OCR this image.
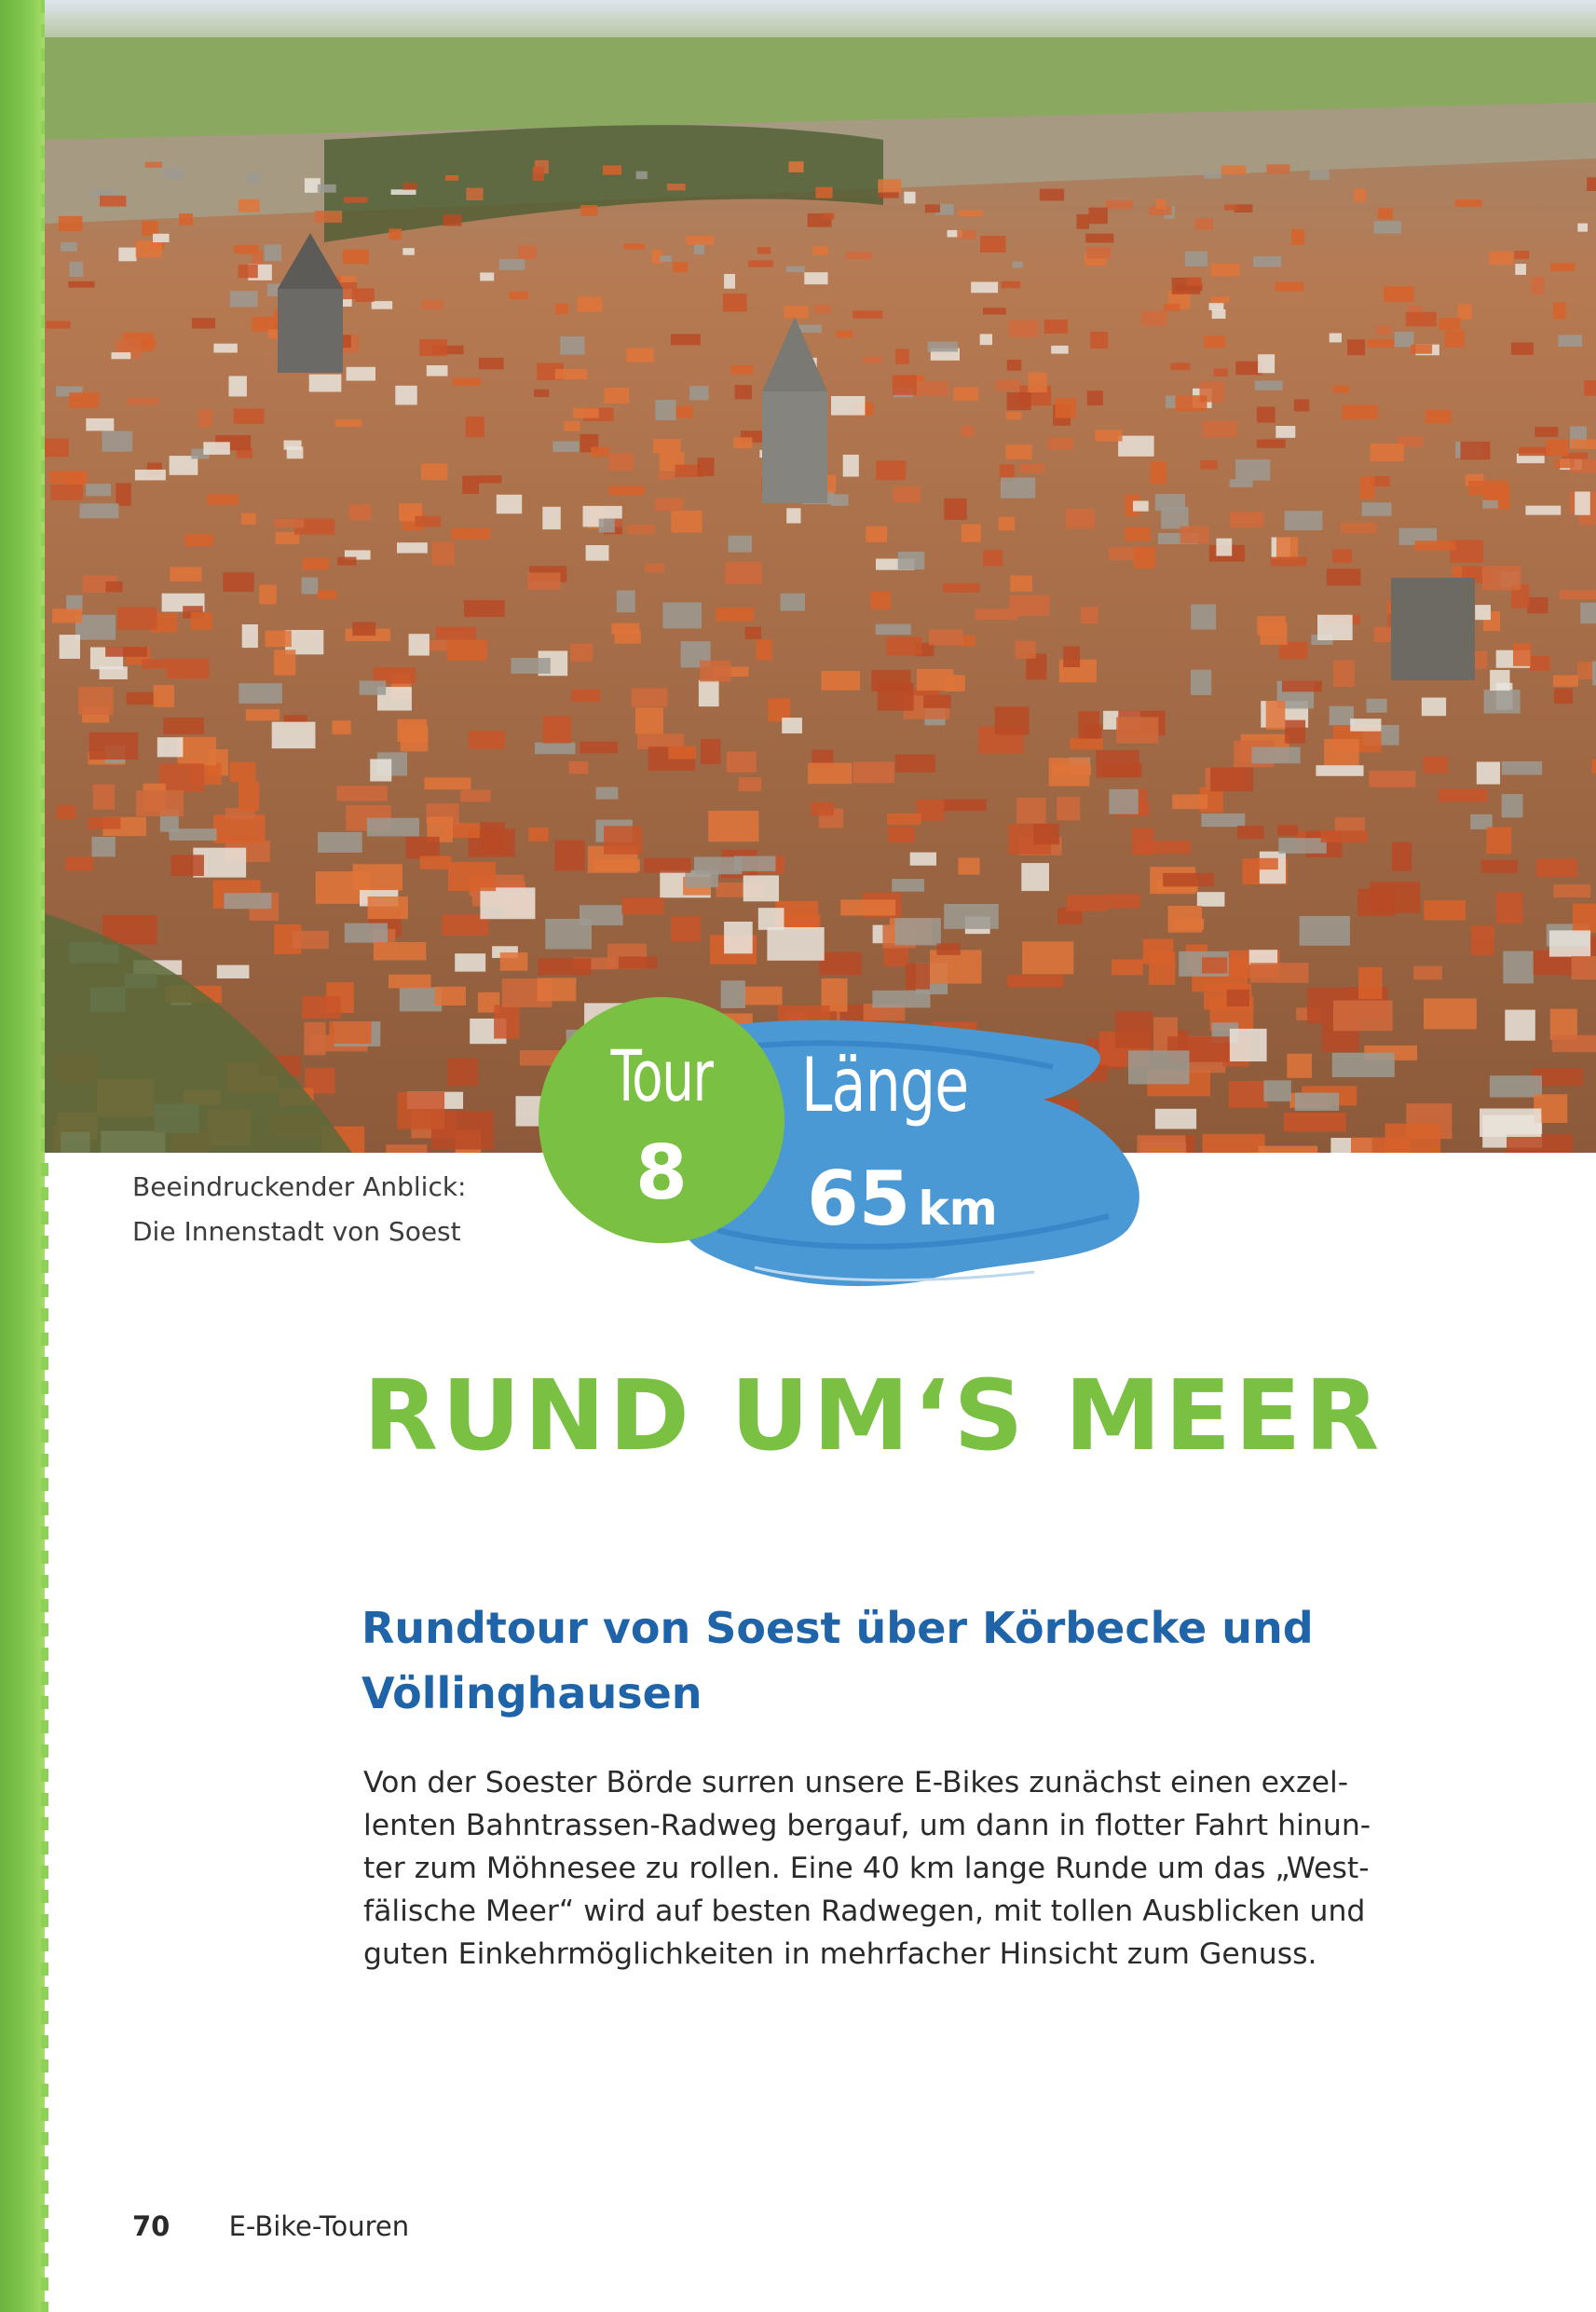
Beeindruckender Anblick:
Die Innenstadt von Soest
Tour
8
Länge
65 km
RUND UM‘S MEER
Rundtour von Soest über Körbecke und
Völlinghausen
Von der Soester Börde surren unsere E-Bikes zunächst einen exzel-
lenten Bahntrassen-Radweg bergauf, um dann in flotter Fahrt hinun-
ter zum Möhnesee zu rollen. Eine 40 km lange Runde um das „West-
fälische Meer“ wird auf besten Radwegen, mit tollen Ausblicken und
guten Einkehrmöglichkeiten in mehrfacher Hinsicht zum Genuss.
70 E-Bike-Touren
